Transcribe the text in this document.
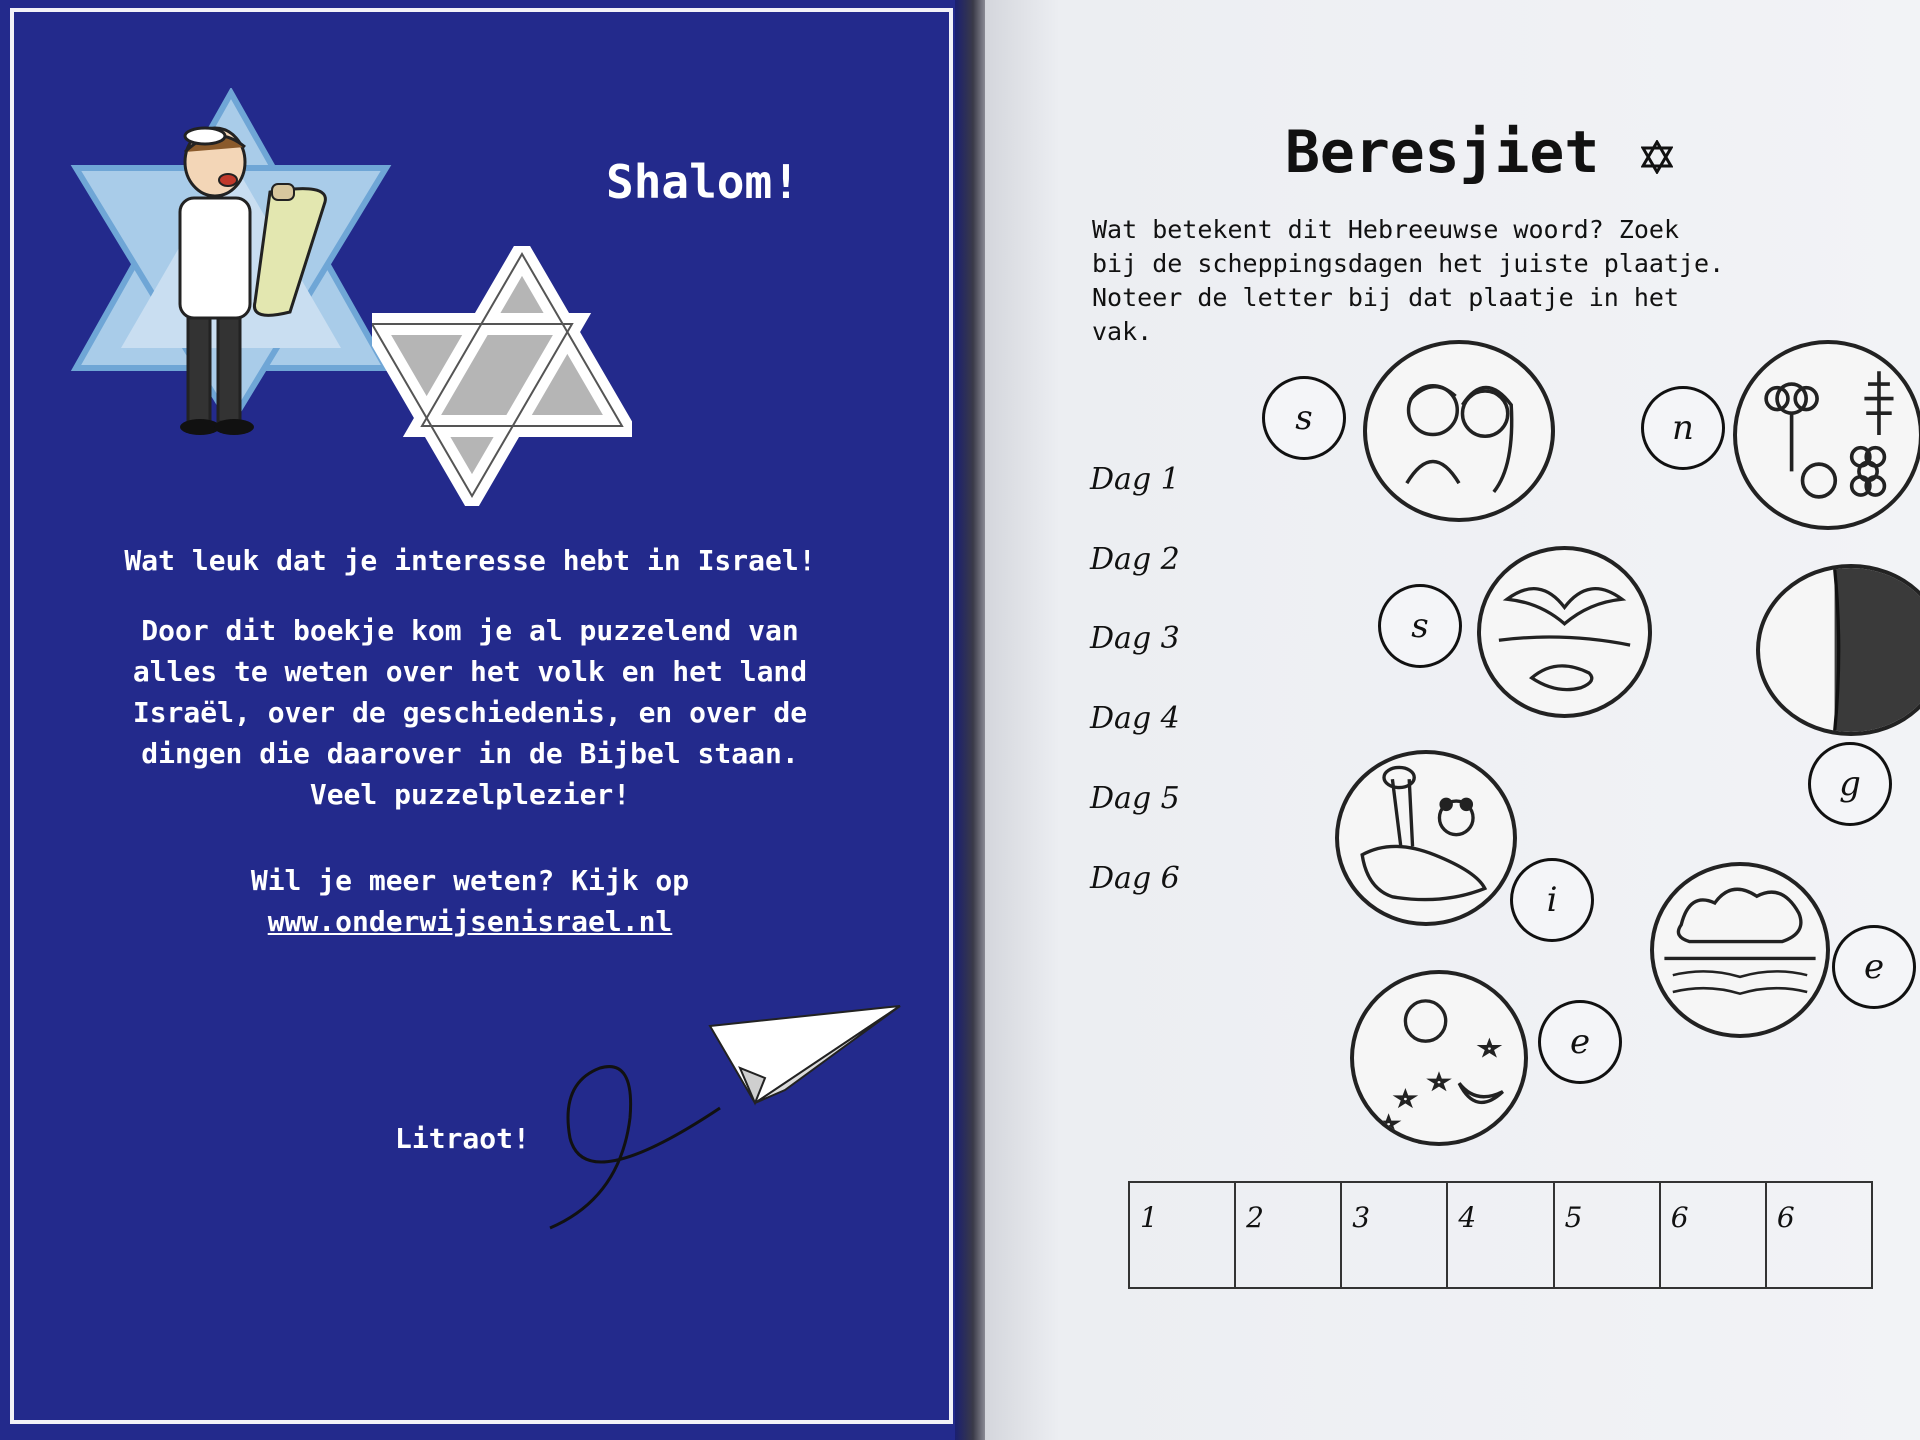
Shalom!
Wat leuk dat je interesse hebt in Israel!
Door dit boekje kom je al puzzelend van
alles te weten over het volk en het land
Israël, over de geschiedenis, en over de
dingen die daarover in de Bijbel staan.
Veel puzzelplezier!
Wil je meer weten? Kijk op
www.onderwijsenisrael.nl
Litraot!
Beresjiet
Wat betekent dit Hebreeuwse woord? Zoek
bij de scheppingsdagen het juiste plaatje.
Noteer de letter bij dat plaatje in het
vak.
Dag 1
Dag 2
Dag 3
Dag 4
Dag 5
Dag 6
s	n
s
g
i
e
e
1	2	3	4	5	6	6
